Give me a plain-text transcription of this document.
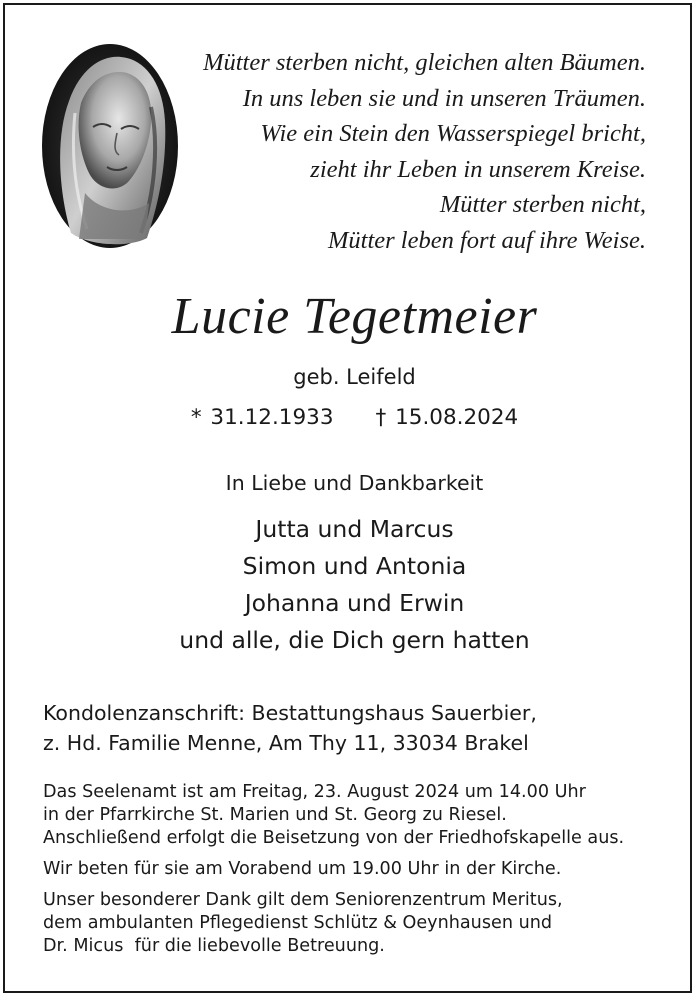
Mütter sterben nicht, gleichen alten Bäumen.
In uns leben sie und in unseren Träumen.
Wie ein Stein den Wasserspiegel bricht,
zieht ihr Leben in unserem Kreise.
Mütter sterben nicht,
Mütter leben fort auf ihre Weise.
Lucie Tegetmeier
geb. Leifeld
* 31.12.1933 † 15.08.2024
In Liebe und Dankbarkeit
Jutta und Marcus
Simon und Antonia
Johanna und Erwin
und alle, die Dich gern hatten
Kondolenzanschrift: Bestattungshaus Sauerbier,
z. Hd. Familie Menne, Am Thy 11, 33034 Brakel
Das Seelenamt ist am Freitag, 23. August 2024 um 14.00 Uhr
in der Pfarrkirche St. Marien und St. Georg zu Riesel.
Anschließend erfolgt die Beisetzung von der Friedhofskapelle aus.
Wir beten für sie am Vorabend um 19.00 Uhr in der Kirche.
Unser besonderer Dank gilt dem Seniorenzentrum Meritus,
dem ambulanten Pflegedienst Schlütz & Oeynhausen und
Dr. Micus  für die liebevolle Betreuung.
